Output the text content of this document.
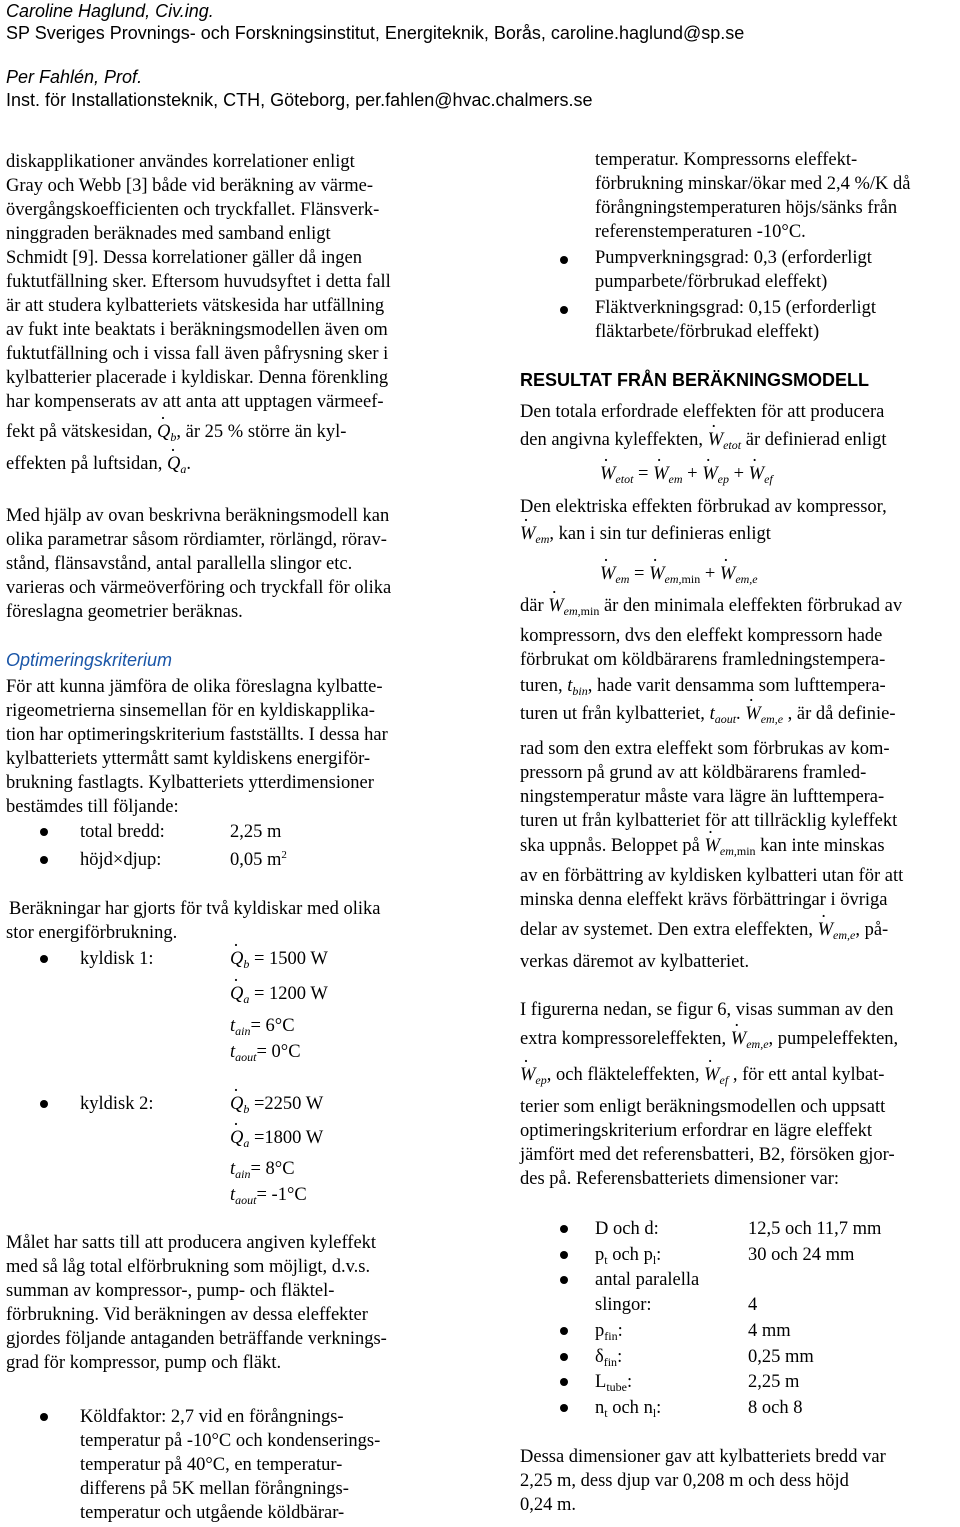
Caroline Haglund, Civ.ing.
SP Sveriges Provnings- och Forskningsinstitut, Energiteknik, Borås, caroline.haglund@sp.se
Per Fahlén, Prof.
Inst. för Installationsteknik, CTH, Göteborg, per.fahlen@hvac.chalmers.se
diskapplikationer användes korrelationer enligt
Gray och Webb [3] både vid beräkning av värme-
övergångskoefficienten och tryckfallet. Flänsverk-
ninggraden beräknades med samband enligt
Schmidt [9]. Dessa korrelationer gäller då ingen
fuktutfällning sker. Eftersom huvudsyftet i detta fall
är att studera kylbatteriets vätskesida har utfällning
av fukt inte beaktats i beräkningsmodellen även om
fuktutfällning och i vissa fall även påfrysning sker i
kylbatterier placerade i kyldiskar. Denna förenkling
har kompenserats av att anta att upptagen värmeef-
fekt på vätskesidan, $Q \cdot_b$, är 25 % större än kyl-
effekten på luftsidan, $Q \cdot_a$.
Med hjälp av ovan beskrivna beräkningsmodell kan
olika parametrar såsom rördiamter, rörlängd, rörav-
stånd, flänsavstånd, antal parallella slingor etc.
varieras och värmeöverföring och tryckfall för olika
föreslagna geometrier beräknas.
Optimeringskriterium
För att kunna jämföra de olika föreslagna kylbatte-
rigeometrierna sinsemellan för en kyldiskapplika-
tion har optimeringskriterium fastställts. I dessa har
kylbatteriets yttermått samt kyldiskens energiför-
brukning fastlagts. Kylbatteriets ytterdimensioner
bestämdes till följande:
total bredd:	2,25 m
höjd×djup:	0,05 $m^2$
Beräkningar har gjorts för två kyldiskar med olika
stor energiförbrukning.
kyldisk 1:	$Q \cdot_b = 1500$ W
$Q \cdot_a = 1200$ W
$t_{ain}= 6^\circ C$
$t_{aout}= 0^\circ C$
kyldisk 2:	$Q \cdot_b =2250$ W
$Q \cdot_a =1800$ W
$t_{ain}= 8^\circ C$
$t_{aout}= -1^\circ C$
Målet har satts till att producera angiven kyleffekt
med så låg total elförbrukning som möjligt, d.v.s.
summan av kompressor-, pump- och fläktel-
förbrukning. Vid beräkningen av dessa eleffekter
gjordes följande antaganden beträffande verknings-
grad för kompressor, pump och fläkt.
Köldfaktor: 2,7 vid en förångnings-
temperatur på -10°C och kondenserings-
temperatur på 40°C, en temperatur-
differens på 5K mellan förångnings-
temperatur och utgående köldbärar-
temperatur. Kompressorns eleffekt-
förbrukning minskar/ökar med 2,4 %/K då
förångningstemperaturen höjs/sänks från
referenstemperaturen -10°C.
Pumpverkningsgrad: 0,3 (erforderligt
pumparbete/förbrukad eleffekt)
Fläktverkningsgrad: 0,15 (erforderligt
fläktarbete/förbrukad eleffekt)
RESULTAT FRÅN BERÄKNINGSMODELL
Den totala erfordrade eleffekten för att producera
den angivna kyleffekten, $W \cdot_{etot}$ är definierad enligt
$W \cdot_{etot} = W \cdot_{em} + W \cdot_{ep} + W \cdot_{ef}$
Den elektriska effekten förbrukad av kompressor,
$W \cdot_{em}$, kan i sin tur definieras enligt
$W \cdot_{em} = W \cdot_{em,min} + W \cdot_{em,e}$
där $W \cdot_{em,min}$ är den minimala eleffekten förbrukad av
kompressorn, dvs den eleffekt kompressorn hade
förbrukat om köldbärarens framledningstempera-
turen, $t_{bin}$, hade varit densamma som lufttempera-
turen ut från kylbatteriet, $t_{aout}$. $W \cdot_{em,e}$ , är då definie-
rad som den extra eleffekt som förbrukas av kom-
pressorn på grund av att köldbärarens framled-
ningstemperatur måste vara lägre än lufttempera-
turen ut från kylbatteriet för att tillräcklig kyleffekt
ska uppnås. Beloppet på $W \cdot_{em,min}$ kan inte minskas
av en förbättring av kyldisken kylbatteri utan för att
minska denna eleffekt krävs förbättringar i övriga
delar av systemet. Den extra eleffekten, $W \cdot_{em,e}$, på-
verkas däremot av kylbatteriet.
I figurerna nedan, se figur 6, visas summan av den
extra kompressoreleffekten, $W \cdot_{em,e}$, pumpeleffekten,
$W \cdot_{ep}$, och fläkteleffekten, $W \cdot_{ef}$ , för ett antal kylbat-
terier som enligt beräkningsmodellen och uppsatt
optimeringskriterium erfordrar en lägre eleffekt
jämfört med det referensbatteri, B2, försöken gjor-
des på. Referensbatteriets dimensioner var:
D och d:	12,5 och 11,7 mm
$p_t$ och $p_l$:	30 och 24 mm
antal paralella
slingor:	4
$p_{fin}$:	4 mm
$\delta_{fin}$:	0,25 mm
$L_{tube}$:	2,25 m
$n_t$ och $n_l$:	8 och 8
Dessa dimensioner gav att kylbatteriets bredd var
2,25 m, dess djup var 0,208 m och dess höjd
0,24 m.
